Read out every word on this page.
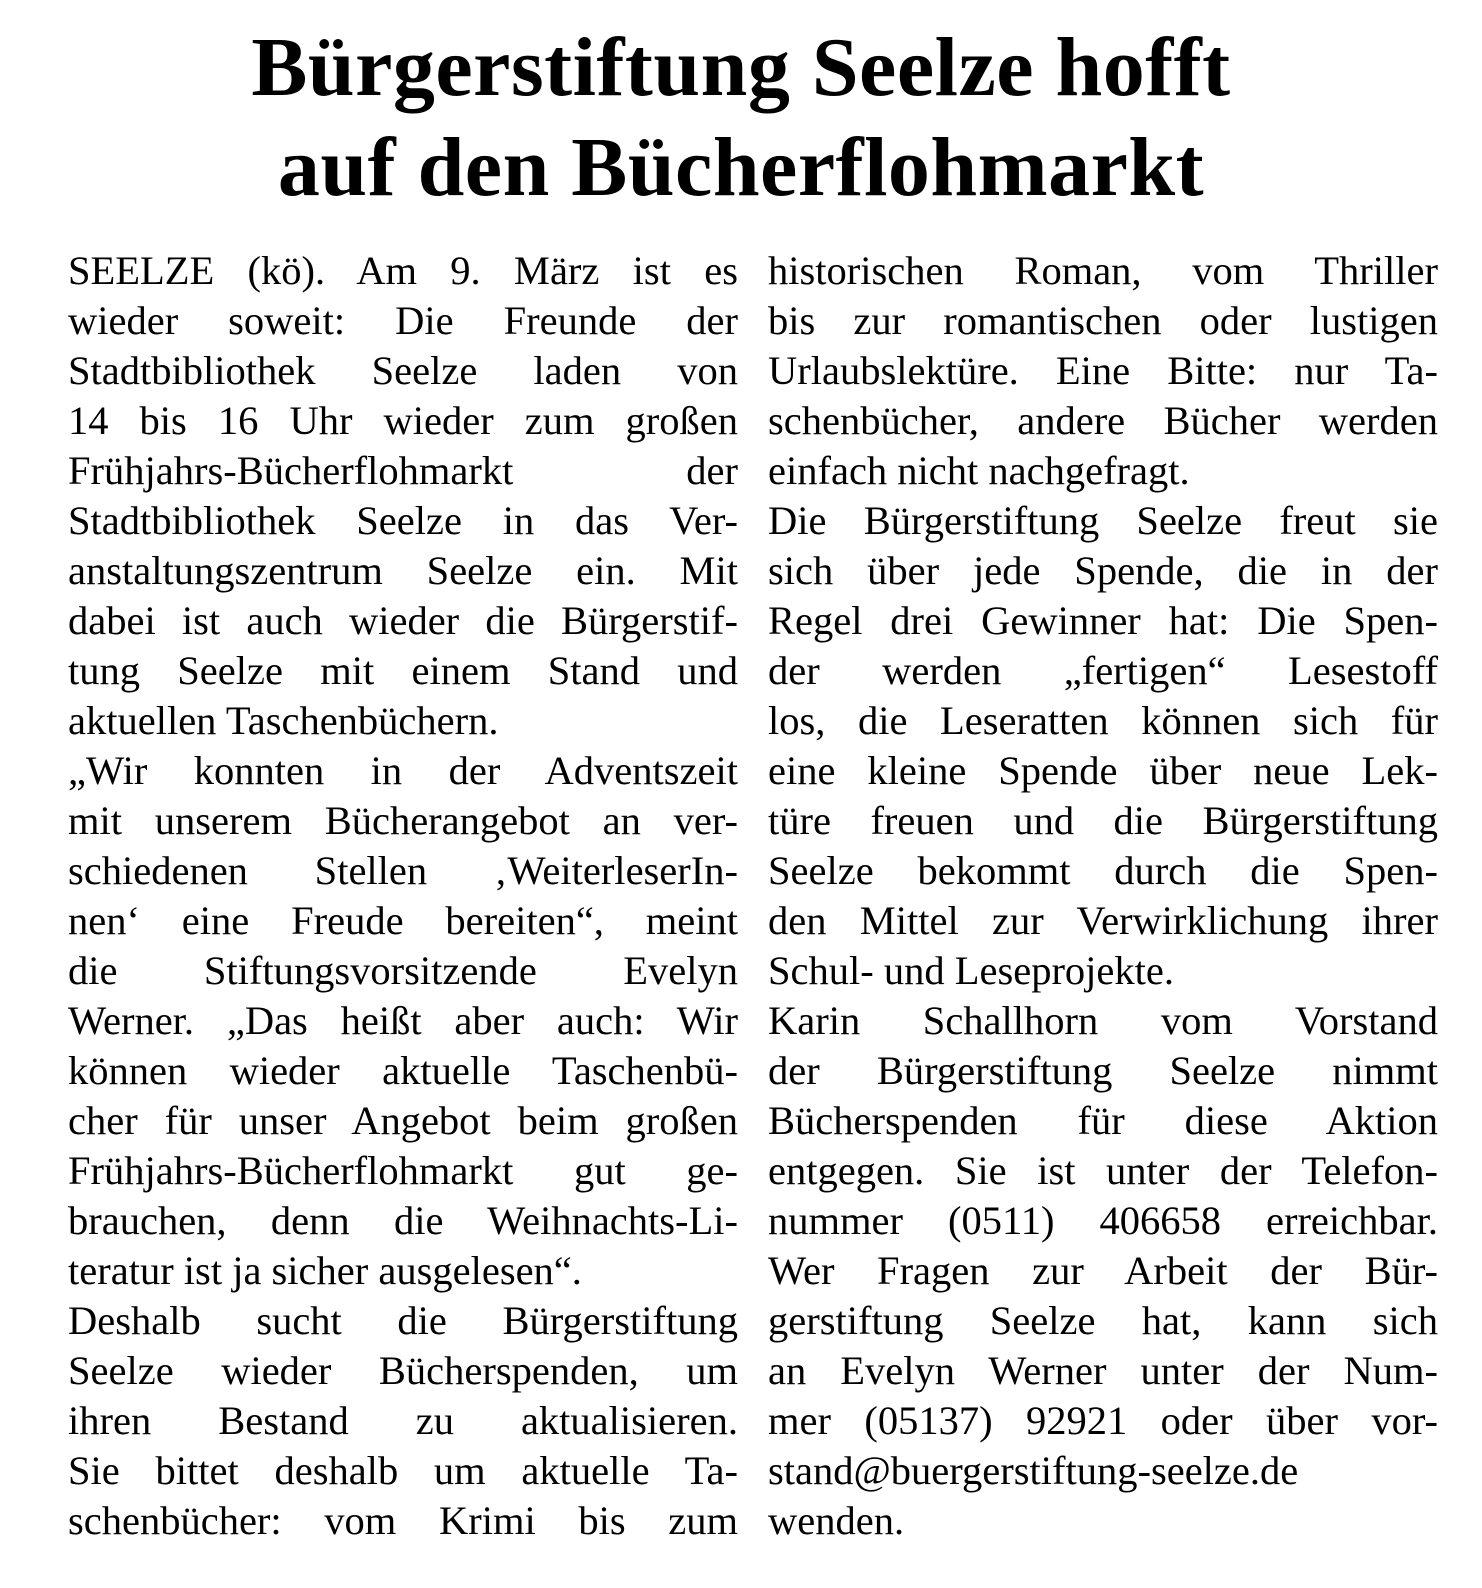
Bürgerstiftung Seelze hofft
auf den Bücherflohmarkt
SEELZE (kö). Am 9. März ist es
wieder soweit: Die Freunde der
Stadtbibliothek Seelze laden von
14 bis 16 Uhr wieder zum großen
Frühjahrs-Bücherflohmarkt der
Stadtbibliothek Seelze in das Ver-
anstaltungszentrum Seelze ein. Mit
dabei ist auch wieder die Bürgerstif-
tung Seelze mit einem Stand und
aktuellen Taschenbüchern.
„Wir konnten in der Adventszeit
mit unserem Bücherangebot an ver-
schiedenen Stellen ‚WeiterleserIn-
nen‘ eine Freude bereiten“, meint
die Stiftungsvorsitzende Evelyn
Werner. „Das heißt aber auch: Wir
können wieder aktuelle Taschenbü-
cher für unser Angebot beim großen
Frühjahrs-Bücherflohmarkt gut ge-
brauchen, denn die Weihnachts-Li-
teratur ist ja sicher ausgelesen“.
Deshalb sucht die Bürgerstiftung
Seelze wieder Bücherspenden, um
ihren Bestand zu aktualisieren.
Sie bittet deshalb um aktuelle Ta-
schenbücher: vom Krimi bis zum
historischen Roman, vom Thriller
bis zur romantischen oder lustigen
Urlaubslektüre. Eine Bitte: nur Ta-
schenbücher, andere Bücher werden
einfach nicht nachgefragt.
Die Bürgerstiftung Seelze freut sie
sich über jede Spende, die in der
Regel drei Gewinner hat: Die Spen-
der werden „fertigen“ Lesestoff
los, die Leseratten können sich für
eine kleine Spende über neue Lek-
türe freuen und die Bürgerstiftung
Seelze bekommt durch die Spen-
den Mittel zur Verwirklichung ihrer
Schul- und Leseprojekte.
Karin Schallhorn vom Vorstand
der Bürgerstiftung Seelze nimmt
Bücherspenden für diese Aktion
entgegen. Sie ist unter der Telefon-
nummer (0511) 406658 erreichbar.
Wer Fragen zur Arbeit der Bür-
gerstiftung Seelze hat, kann sich
an Evelyn Werner unter der Num-
mer (05137) 92921 oder über vor-
stand@buergerstiftung-seelze.de
wenden.
